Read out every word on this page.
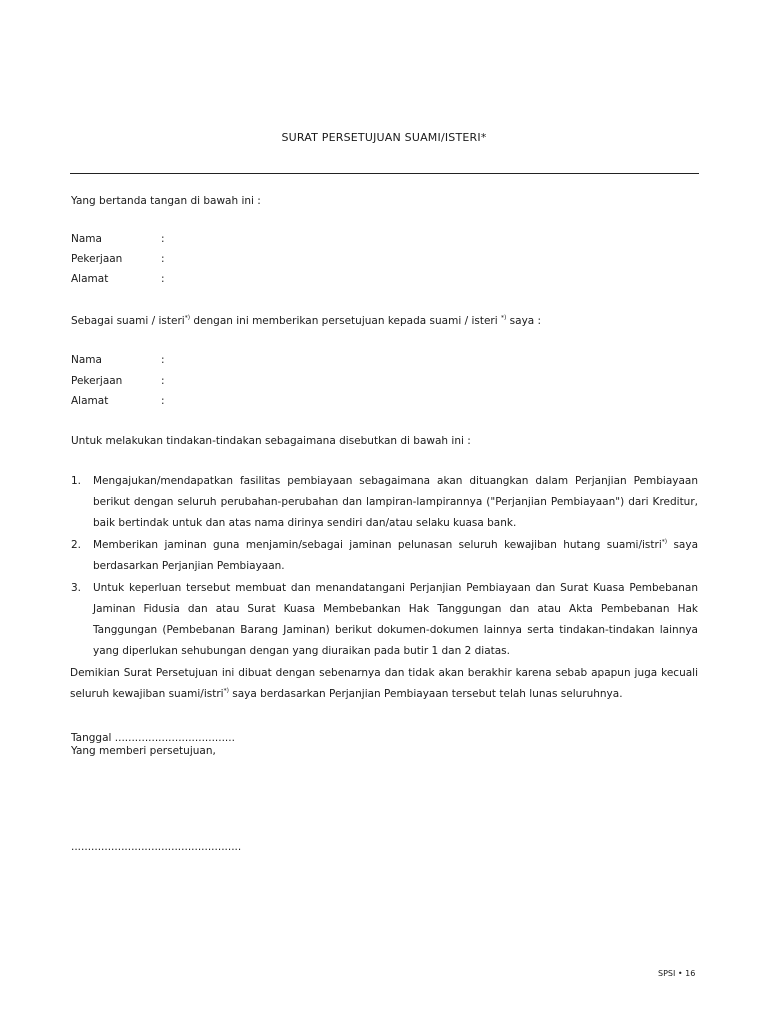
SURAT PERSETUJUAN SUAMI/ISTERI*
Yang bertanda tangan di bawah ini :
Nama	:
Pekerjaan	:
Alamat	:
Sebagai suami / isteri*) dengan ini memberikan persetujuan kepada suami / isteri *) saya :
Nama	:
Pekerjaan	:
Alamat	:
Untuk melakukan tindakan-tindakan sebagaimana disebutkan di bawah ini :
1. Mengajukan/mendapatkan fasilitas pembiayaan sebagaimana akan dituangkan dalam Perjanjian Pembiayaan berikut dengan seluruh perubahan-perubahan dan lampiran-lampirannya ("Perjanjian Pembiayaan") dari Kreditur, baik bertindak untuk dan atas nama dirinya sendiri dan/atau selaku kuasa bank.
2. Memberikan jaminan guna menjamin/sebagai jaminan pelunasan seluruh kewajiban hutang suami/istri*) saya berdasarkan Perjanjian Pembiayaan.
3. Untuk keperluan tersebut membuat dan menandatangani Perjanjian Pembiayaan dan Surat Kuasa Pembebanan Jaminan Fidusia dan atau Surat Kuasa Membebankan Hak Tanggungan dan atau Akta Pembebanan Hak Tanggungan (Pembebanan Barang Jaminan) berikut dokumen-dokumen lainnya serta tindakan-tindakan lainnya yang diperlukan sehubungan dengan yang diuraikan pada butir 1 dan 2 diatas.
Demikian Surat Persetujuan ini dibuat dengan sebenarnya dan tidak akan berakhir karena sebab apapun juga kecuali seluruh kewajiban suami/istri*) saya berdasarkan Perjanjian Pembiayaan tersebut telah lunas seluruhnya.
Tanggal ....................................
Yang memberi persetujuan,
...................................................
SPSI • 16
